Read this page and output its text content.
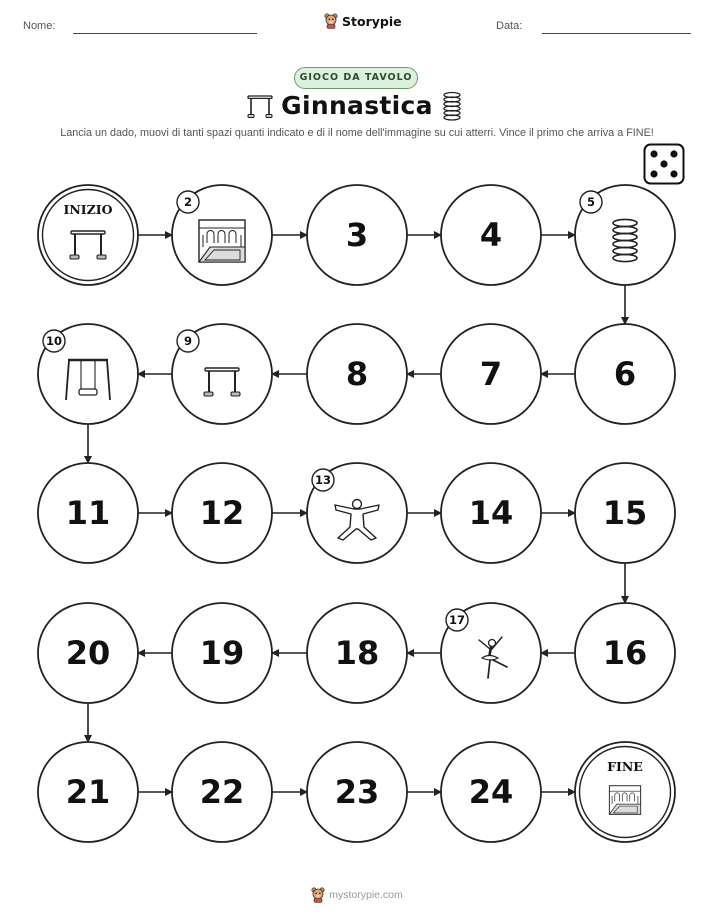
Nome:	Storypie	Data:
GIOCO DA TAVOLO
Ginnastica
Lancia un dado, muovi di tanti spazi quanti indicato e di il nome dell'immagine su cui atterri. Vince il primo che arriva a FINE!
INIZIO	2
3	4
5
6
7
8
9
10
11	12
13
14	15
16
17
18
19
20
21	22	23	24
FINE
mystorypie.com
